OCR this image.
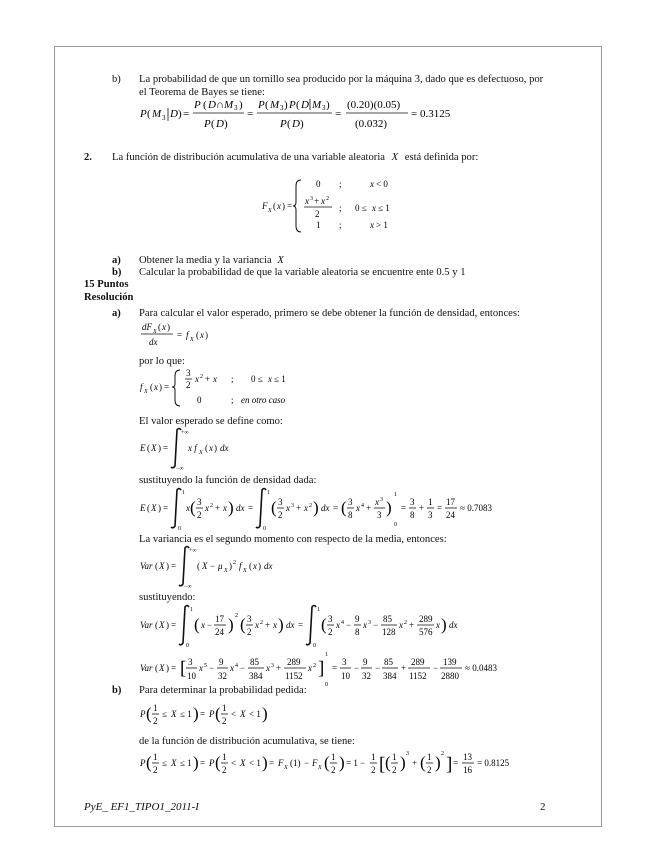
b) La probabilidad de que un tornillo sea producido por la máquina 3, dado que es defectuoso, por
el Teorema de Bayes se tiene:
P ( M 3 D ) =
P ( D ∩ M 3 )
P ( D )
=
P ( M 3 ) P ( D M 3 )
P ( D )
=
(0.20)(0.05)
(0.032)
= 0.3125
2. La función de distribución acumulativa de una variable aleatoria X está definida por:
F X ( x ) =
0 ;	x < 0
x 3 + x 2
2
; 0 ≤ x ≤ 1
1 ;	x > 1
a) Obtener la media y la variancia X
b) Calcular la probabilidad de que la variable aleatoria se encuentre ente 0.5 y 1
15 Puntos
Resolución
a) Para calcular el valor esperado, primero se debe obtener la función de densidad, entonces:
dF X ( x )
dx
= f X ( x )
por lo que:
f X ( x ) =
3
2
x 2 + x ; 0 ≤ x ≤ 1
0	; en otro caso
El valor esperado se define como:
E ( X ) =
+∞
−∞
x f X ( x ) dx
sustituyendo la función de densidad dada:
E ( X ) =
1
0
x ( 3
2
x 2 + x ) dx =
1
0
( 3
2
x 3 + x 2 ) dx = ( 3
8
x 4 +
x 3
3 )
1
0
=
3
8
+
1
3
=
17
24
≈ 0.7083
La variancia es el segundo momento con respecto de la media, entonces:
Var ( X ) =
+∞
−∞
( X − μ X ) 2 f X ( x ) dx
sustituyendo:
Var ( X ) =
1
0
( x −
17
24 ) 2 ( 3
2
x 2 + x ) dx =
1
0
( 3
2
x 4 −
9
8
x 3 −
85
128
x 2 +
289
576
x ) dx
Var ( X ) = [ 3
10
x 5 −
9
32
x 4 −
85
384
x 3 +
289
1152
x 2 ]
1
0
=
3
10
−
9
32
−
85
384
+
289
1152
−
139
2880
≈ 0.0483
b) Para determinar la probabilidad pedida:
P ( 1
2
≤ X ≤ 1 ) = P ( 1
2
< X < 1 )
de la función de distribución acumulativa, se tiene:
P ( 1
2
≤ X ≤ 1 ) = P ( 1
2
< X < 1 ) = F X (1) − F X ( 1
2 ) = 1 −
1
2 [ ( 1
2 ) 3
+ ( 1
2 ) 2 ] =
13
16
= 0.8125
PyE_ EF1_TIPO1_2011-I	2
